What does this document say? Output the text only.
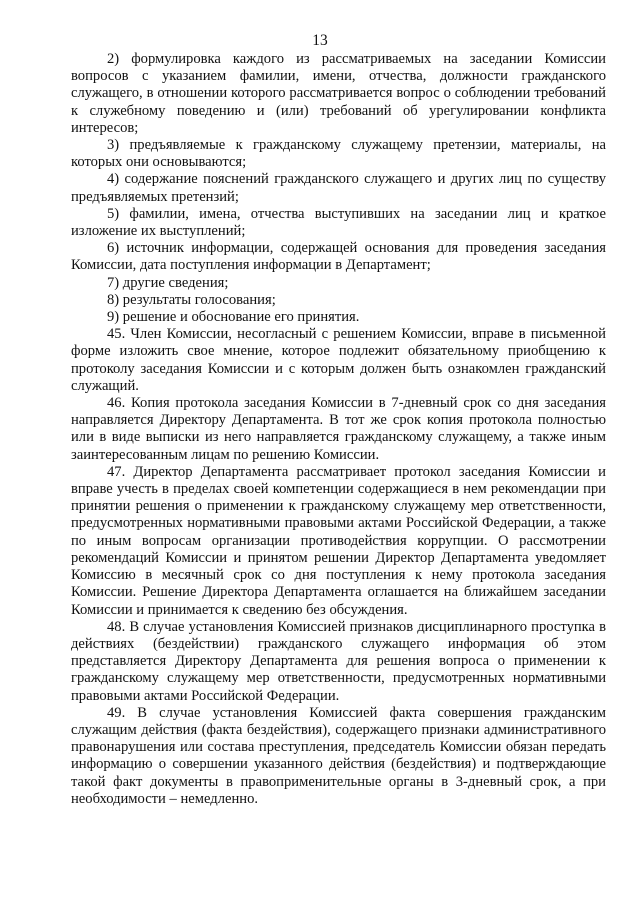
13

2) формулировка каждого из рассматриваемых на заседании Комиссии вопросов с указанием фамилии, имени, отчества, должности гражданского служащего, в отношении которого рассматривается вопрос о соблюдении требований к служебному поведению и (или) требований об урегулировании конфликта интересов;

3) предъявляемые к гражданскому служащему претензии, материалы, на которых они основываются;

4) содержание пояснений гражданского служащего и других лиц по существу предъявляемых претензий;

5) фамилии, имена, отчества выступивших на заседании лиц и краткое изложение их выступлений;

6) источник информации, содержащей основания для проведения заседания Комиссии, дата поступления информации в Департамент;

7) другие сведения;

8) результаты голосования;

9) решение и обоснование его принятия.

45. Член Комиссии, несогласный с решением Комиссии, вправе в письменной форме изложить свое мнение, которое подлежит обязательному приобщению к протоколу заседания Комиссии и с которым должен быть ознакомлен гражданский служащий.

46. Копия протокола заседания Комиссии в 7-дневный срок со дня заседания направляется Директору Департамента. В тот же срок копия протокола полностью или в виде выписки из него направляется гражданскому служащему, а также иным заинтересованным лицам по решению Комиссии.

47. Директор Департамента рассматривает протокол заседания Комиссии и вправе учесть в пределах своей компетенции содержащиеся в нем рекомендации при принятии решения о применении к гражданскому служащему мер ответственности, предусмотренных нормативными правовыми актами Российской Федерации, а также по иным вопросам организации противодействия коррупции. О рассмотрении рекомендаций Комиссии и принятом решении Директор Департамента уведомляет Комиссию в месячный срок со дня поступления к нему протокола заседания Комиссии. Решение Директора Департамента оглашается на ближайшем заседании Комиссии и принимается к сведению без обсуждения.

48. В случае установления Комиссией признаков дисциплинарного проступка в действиях (бездействии) гражданского служащего информация об этом представляется Директору Департамента для решения вопроса о применении к гражданскому служащему мер ответственности, предусмотренных нормативными правовыми актами Российской Федерации.

49. В случае установления Комиссией факта совершения гражданским служащим действия (факта бездействия), содержащего признаки административного правонарушения или состава преступления, председатель Комиссии обязан передать информацию о совершении указанного действия (бездействия) и подтверждающие такой факт документы в правоприменительные органы в 3-дневный срок, а при необходимости – немедленно.
